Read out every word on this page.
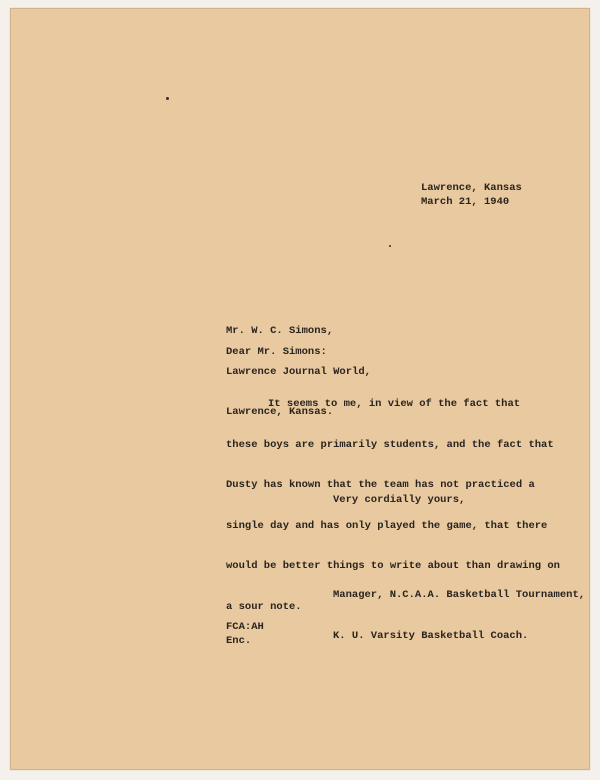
Lawrence, Kansas
March 21, 1940

Mr. W. C. Simons,

Lawrence Journal World,

Lawrence, Kansas.

Dear Mr. Simons:

It seems to me, in view of the fact that

these boys are primarily students, and the fact that

Dusty has known that the team has not practiced a

single day and has only played the game, that there

would be better things to write about than drawing on

a sour note.

Very cordially yours,

Manager, N.C.A.A. Basketball Tournament,

K. U. Varsity Basketball Coach.

FCA:AH
Enc.
